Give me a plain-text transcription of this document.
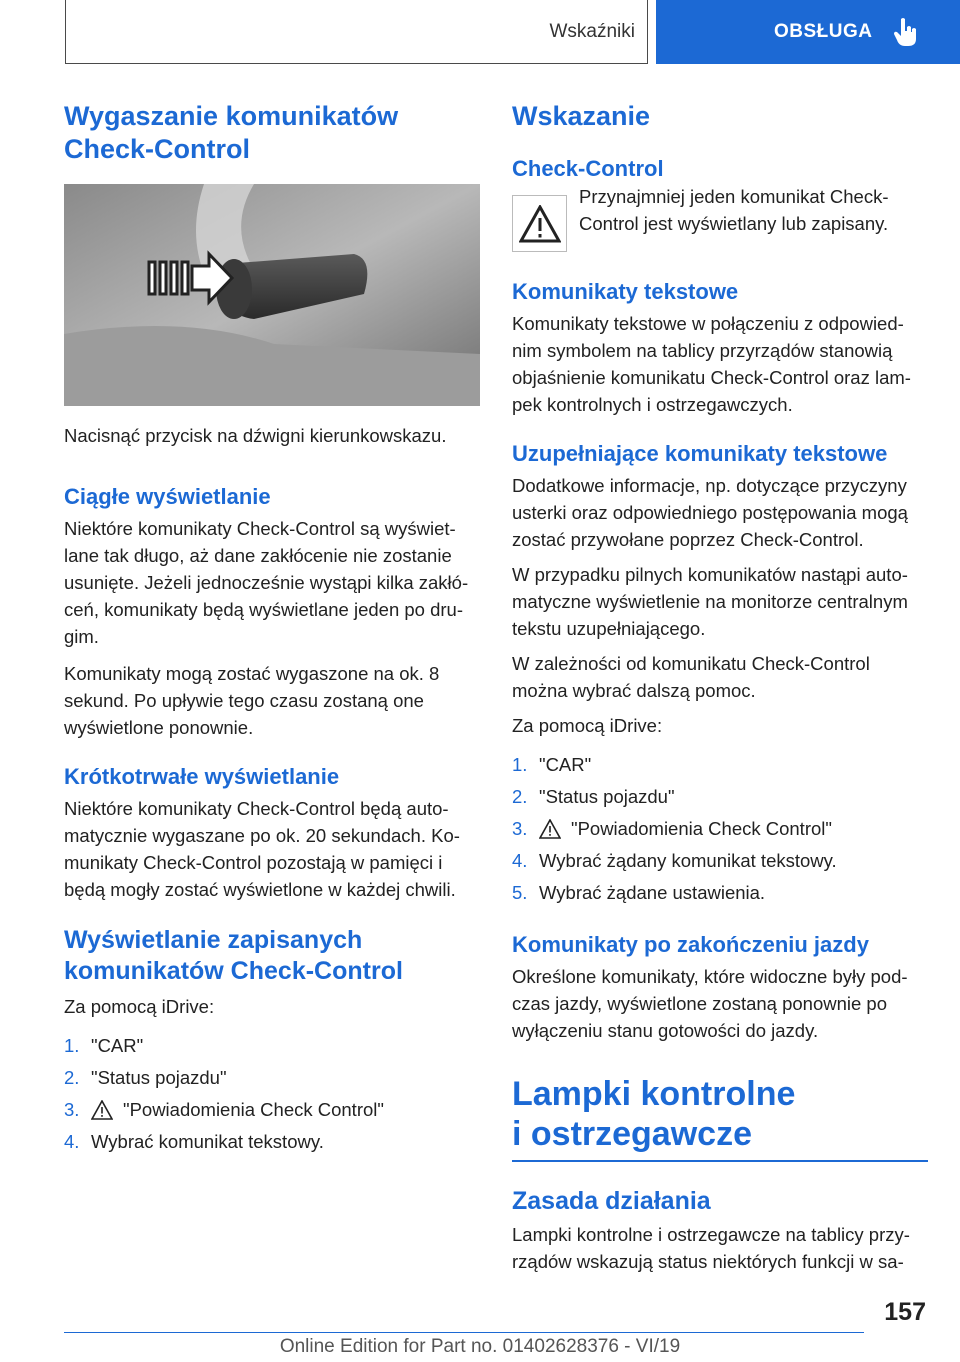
Wskaźniki	OBSŁUGA
Wygaszanie komunikatów Check-Control

Nacisnąć przycisk na dźwigni kierunkowskazu.

Ciągłe wyświetlanie

Niektóre komunikaty Check-Control są wyświet-lane tak długo, aż dane zakłócenie nie zostanie usunięte. Jeżeli jednocześnie wystąpi kilka zakłó-ceń, komunikaty będą wyświetlane jeden po dru-gim.

Komunikaty mogą zostać wygaszone na ok. 8 sekund. Po upływie tego czasu zostaną one wyświetlone ponownie.

Krótkotrwałe wyświetlanie

Niektóre komunikaty Check-Control będą auto-matycznie wygaszane po ok. 20 sekundach. Ko-munikaty Check-Control pozostają w pamięci i będą mogły zostać wyświetlone w każdej chwili.

Wyświetlanie zapisanych komunikatów Check-Control

Za pomocą iDrive:

1. "CAR"
2. "Status pojazdu"
3.	"Powiadomienia Check Control"
4. Wybrać komunikat tekstowy.
Wskazanie
Check-Control

Przynajmniej jeden komunikat Check-Control jest wyświetlany lub zapisany.

Komunikaty tekstowe

Komunikaty tekstowe w połączeniu z odpowied-nim symbolem na tablicy przyrządów stanowią objaśnienie komunikatu Check-Control oraz lam-pek kontrolnych i ostrzegawczych.

Uzupełniające komunikaty tekstowe

Dodatkowe informacje, np. dotyczące przyczyny usterki oraz odpowiedniego postępowania mogą zostać przywołane poprzez Check-Control.

W przypadku pilnych komunikatów nastąpi auto-matyczne wyświetlenie na monitorze centralnym tekstu uzupełniającego.

W zależności od komunikatu Check-Control można wybrać dalszą pomoc.

Za pomocą iDrive:

1. "CAR"
2. "Status pojazdu"
3.	"Powiadomienia Check Control"
4. Wybrać żądany komunikat tekstowy.
5. Wybrać żądane ustawienia.
Komunikaty po zakończeniu jazdy

Określone komunikaty, które widoczne były pod-czas jazdy, wyświetlone zostaną ponownie po wyłączeniu stanu gotowości do jazdy.

Lampki kontrolne i ostrzegawcze
Zasada działania

Lampki kontrolne i ostrzegawcze na tablicy przy-rządów wskazują status niektórych funkcji w sa-

157
Online Edition for Part no. 01402628376 - VI/19
